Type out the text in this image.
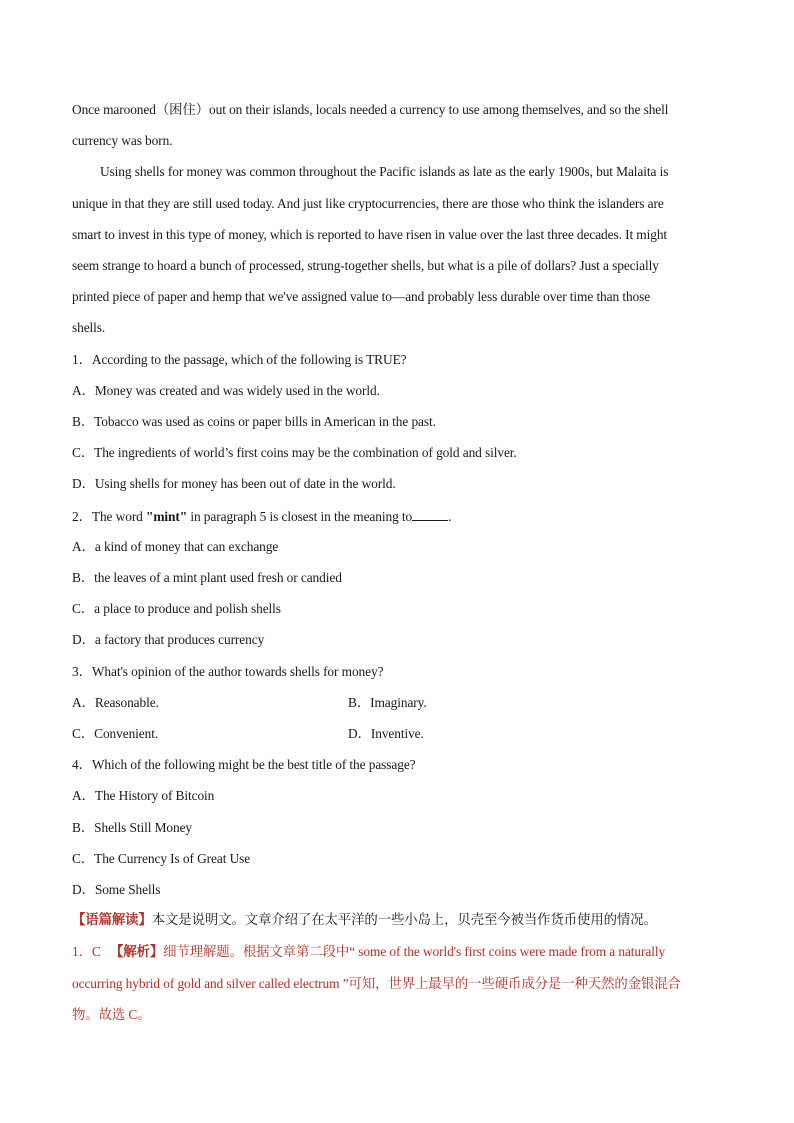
Once marooned（困住）out on their islands, locals needed a currency to use among themselves, and so the shell
currency was born.
Using shells for money was common throughout the Pacific islands as late as the early 1900s, but Malaita is
unique in that they are still used today. And just like cryptocurrencies, there are those who think the islanders are
smart to invest in this type of money, which is reported to have risen in value over the last three decades. It might
seem strange to hoard a bunch of processed, strung-together shells, but what is a pile of dollars? Just a specially
printed piece of paper and hemp that we've assigned value to—and probably less durable over time than those
shells.
1．According to the passage, which of the following is TRUE?
A．Money was created and was widely used in the world.
B．Tobacco was used as coins or paper bills in American in the past.
C．The ingredients of world’s first coins may be the combination of gold and silver.
D．Using shells for money has been out of date in the world.
2．The word "mint" in paragraph 5 is closest in the meaning to	.
A．a kind of money that can exchange
B．the leaves of a mint plant used fresh or candied
C．a place to produce and polish shells
D．a factory that produces currency
3．What's opinion of the author towards shells for money?
A．Reasonable.	B．Imaginary.
C．Convenient.	D．Inventive.
4．Which of the following might be the best title of the passage?
A．The History of Bitcoin
B．Shells Still Money
C．The Currency Is of Great Use
D．Some Shells
【语篇解读】本文是说明文。文章介绍了在太平洋的一些小岛上，贝壳至今被当作货币使用的情况。
1．C 【解析】细节理解题。根据文章第二段中“ some of the world's first coins were made from a naturally
occurring hybrid of gold and silver called electrum ”可知，世界上最早的一些硬币成分是一种天然的金银混合
物。故选 C。
